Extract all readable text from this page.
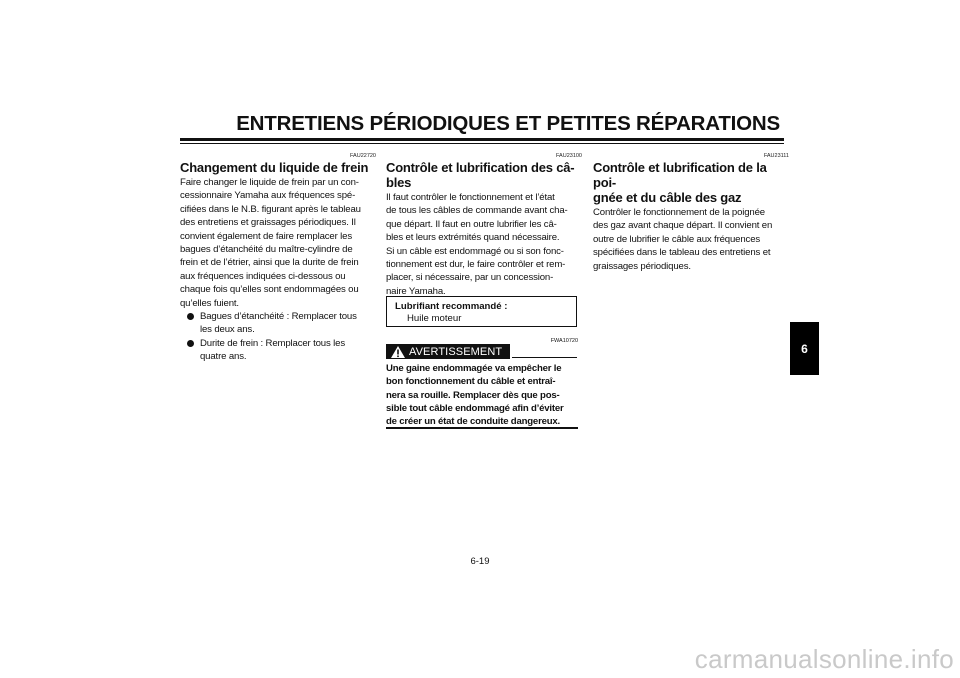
ENTRETIENS PÉRIODIQUES ET PETITES RÉPARATIONS
FAU22720
Changement du liquide de frein
Faire changer le liquide de frein par un con-
cessionnaire Yamaha aux fréquences spé-
cifiées dans le N.B. figurant après le tableau
des entretiens et graissages périodiques. Il
convient également de faire remplacer les
bagues d’étanchéité du maître-cylindre de
frein et de l’étrier, ainsi que la durite de frein
aux fréquences indiquées ci-dessous ou
chaque fois qu’elles sont endommagées ou
qu’elles fuient.
Bagues d’étanchéité : Remplacer tous
les deux ans.
Durite de frein : Remplacer tous les
quatre ans.
FAU23100
Contrôle et lubrification des câ-
bles
Il faut contrôler le fonctionnement et l’état
de tous les câbles de commande avant cha-
que départ. Il faut en outre lubrifier les câ-
bles et leurs extrémités quand nécessaire.
Si un câble est endommagé ou si son fonc-
tionnement est dur, le faire contrôler et rem-
placer, si nécessaire, par un concession-
naire Yamaha.
Lubrifiant recommandé :
Huile moteur
FWA10720
AVERTISSEMENT
Une gaine endommagée va empêcher le
bon fonctionnement du câble et entraî-
nera sa rouille. Remplacer dès que pos-
sible tout câble endommagé afin d’éviter
de créer un état de conduite dangereux.
FAU23111
Contrôle et lubrification de la poi-
gnée et du câble des gaz
Contrôler le fonctionnement de la poignée
des gaz avant chaque départ. Il convient en
outre de lubrifier le câble aux fréquences
spécifiées dans le tableau des entretiens et
graissages périodiques.
6
6-19
carmanualsonline.info
